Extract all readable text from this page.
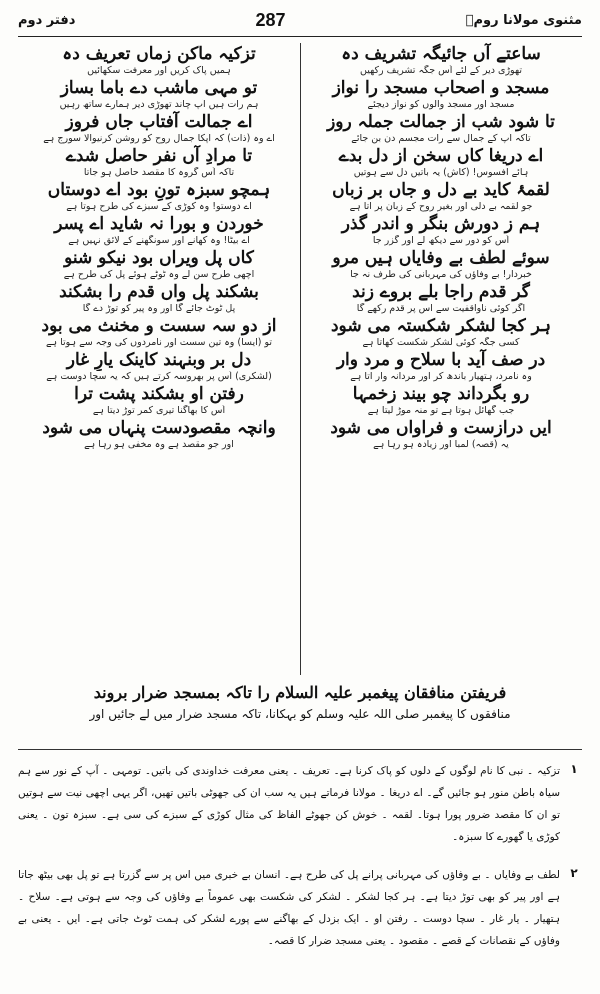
دفتر دوم	287	مثنوی مولانا رومؒ
ساعتے آں جائیگہ تشریف دہ
تھوڑی دیر کے لئے اُس جگہ تشریف رکھیں
مسجد و اصحاب مسجد را نواز
مسجد اور مسجد والوں کو نواز دیجئے
تا شود شب از جمالت جملہ روز
تاکہ آپ کے جمال سے رات مجسم دن بن جائے
اے دریغا کاں سخن از دل بدے
ہائے افسوس! (کاش) یہ باتیں دل سے ہوتیں
لقمۂ کاید بے دل و جاں بر زباں
جو لقمہ بے دلی اور بغیر روح کے زبان پر آتا ہے
ہم ز دورش بنگر و اندر گذر
اُس کو دور سے دیکھ لے اور گزر جا
سوئے لطف بے وفایاں ہیں مرو
خبردار! بے وفاؤں کی مہربانی کی طرف نہ جا
گر قدم راجا بلے بروے زند
اگر کوئی ناواقفیت سے اس پر قدم رکھے گا
ہر کجا لشکر شکستہ می شود
کسی جگہ کوئی لشکر شکست کھاتا ہے
در صف آید با سلاح و مرد وار
وہ نامرد، ہتھیار باندھ کر اور مردانہ وار آتا ہے
رو بگرداند چو بیند زخمہا
جب گھائل ہوتا ہے تو منہ موڑ لیتا ہے
ایں درازست و فراواں می شود
یہ (قصہ) لمبا اور زیادہ ہو رہا ہے
تزکیہ ماکن زماں تعریف دہ
ہمیں پاک کریں اور معرفت سکھائیں
تو مہی ماشب دے باما بساز
ہم رات ہیں آپ چاند تھوڑی دیر ہمارے ساتھ رہیں
اے جمالت آفتاب جاں فروز
اے وہ (ذات) کہ آپکا جمال روح کو روشن کرنیوالا سورج ہے
تا مرادِ آں نفر حاصل شدے
تاکہ اُس گروہ کا مقصد حاصل ہو جاتا
ہمچو سبزہ تونِ بود اے دوستاں
اے دوستو! وہ کوڑی کے سبزے کی طرح ہوتا ہے
خوردن و بورا نہ شاید اے پسر
اے بیٹا! وہ کھانے اور سونگھنے کے لائق نہیں ہے
کاں پل ویراں بود نیکو شنو
اچھی طرح سن لے وہ ٹوٹے ہوئے پل کی طرح ہے
بشکند پل واں قدم را بشکند
پل ٹوٹ جائے گا اور وہ پیر کو توڑ دے گا
از دو سہ سست و مخنث می بود
تو (ایسا) وہ تین سست اور نامردوں کی وجہ سے ہوتا ہے
دل بر وبنہند کاینک یارِ غار
(لشکری) اُس پر بھروسہ کرتے ہیں کہ یہ سچا دوست ہے
رفتن او بشکند پشت ترا
اُس کا بھاگنا تیری کمر توڑ دیتا ہے
وانچہ مقصودست پنہاں می شود
اور جو مقصد ہے وہ مخفی ہو رہا ہے
فریفتن منافقان پیغمبر علیہ السلام را تاکہ بمسجد ضرار بروند
منافقوں کا پیغمبر صلی اللہ علیہ وسلم کو بہکانا، تاکہ مسجد ضرار میں لے جائیں اور
۱
تزکیہ ۔ نبی کا نام لوگوں کے دلوں کو پاک کرنا ہے۔ تعریف ۔ یعنی معرفت خداوندی کی باتیں۔ تومہی ۔ آپ کے نور سے ہم سیاہ باطن منور ہو جائیں گے۔ اے دریغا ۔ مولانا فرماتے ہیں یہ سب ان کی جھوٹی باتیں تھیں، اگر یہی اچھی نیت سے ہوتیں تو ان کا مقصد ضرور پورا ہوتا۔ لقمہ ۔ خوش کن جھوٹے الفاظ کی مثال کوڑی کے سبزے کی سی ہے۔ سبزہ تون ۔ یعنی کوڑی یا گھورے کا سبزہ۔
۲
لطف بے وفایاں ۔ بے وفاؤں کی مہربانی پرانے پل کی طرح ہے۔ انسان بے خبری میں اس پر سے گزرتا ہے تو پل بھی بیٹھ جاتا ہے اور پیر کو بھی توڑ دیتا ہے۔ ہر کجا لشکر ۔ لشکر کی شکست بھی عموماً بے وفاؤں کی وجہ سے ہوتی ہے۔ سلاح ۔ ہتھیار ۔ یار غار ۔ سچا دوست ۔ رفتن او ۔ ایک بزدل کے بھاگنے سے پورے لشکر کی ہمت ٹوٹ جاتی ہے۔ ایں ۔ یعنی بے وفاؤں کے نقصانات کے قصے ۔ مقصود ۔ یعنی مسجد ضرار کا قصہ۔
